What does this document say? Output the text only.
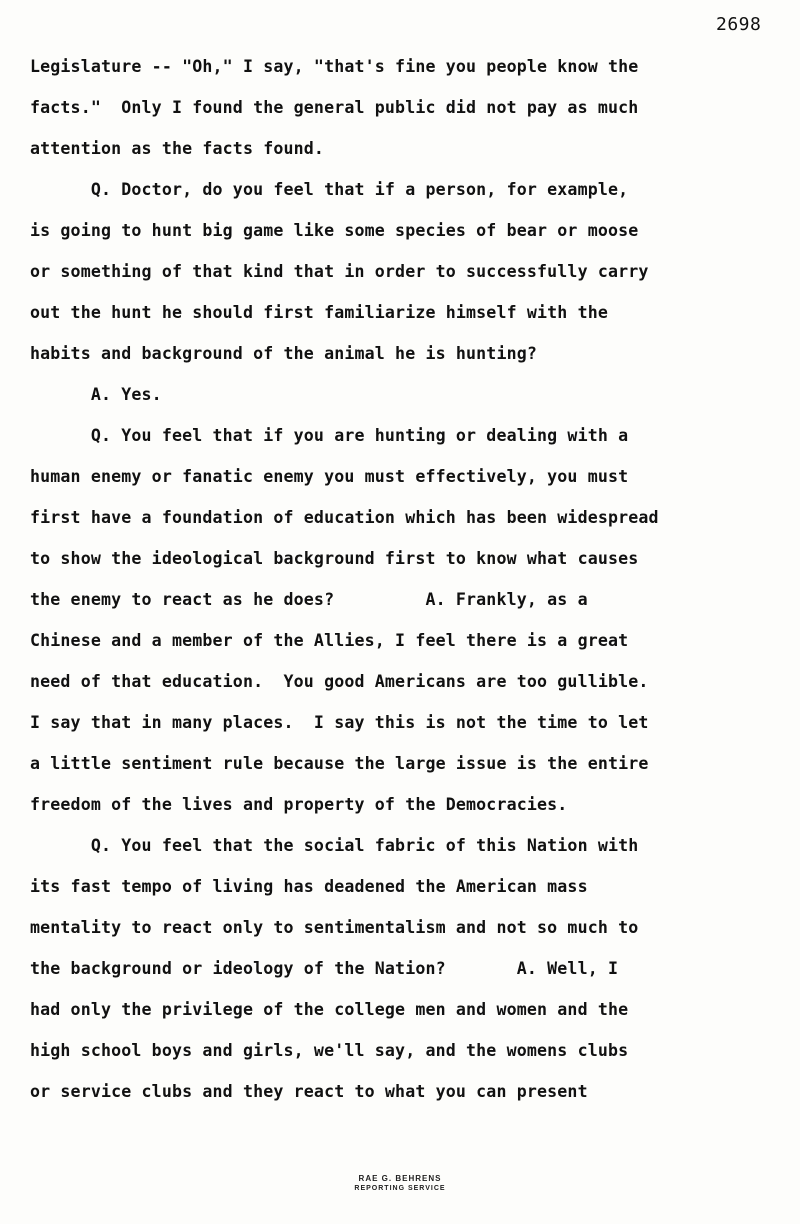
2698
Legislature -- "Oh," I say, "that's fine you people know the
facts."  Only I found the general public did not pay as much
attention as the facts found.
Q. Doctor, do you feel that if a person, for example,
is going to hunt big game like some species of bear or moose
or something of that kind that in order to successfully carry
out the hunt he should first familiarize himself with the
habits and background of the animal he is hunting?
A. Yes.
Q. You feel that if you are hunting or dealing with a
human enemy or fanatic enemy you must effectively, you must
first have a foundation of education which has been widespread
to show the ideological background first to know what causes
the enemy to react as he does?         A. Frankly, as a
Chinese and a member of the Allies, I feel there is a great
need of that education.  You good Americans are too gullible.
I say that in many places.  I say this is not the time to let
a little sentiment rule because the large issue is the entire
freedom of the lives and property of the Democracies.
Q. You feel that the social fabric of this Nation with
its fast tempo of living has deadened the American mass
mentality to react only to sentimentalism and not so much to
the background or ideology of the Nation?       A. Well, I
had only the privilege of the college men and women and the
high school boys and girls, we'll say, and the womens clubs
or service clubs and they react to what you can present
RAE G. BEHRENS
REPORTING SERVICE
